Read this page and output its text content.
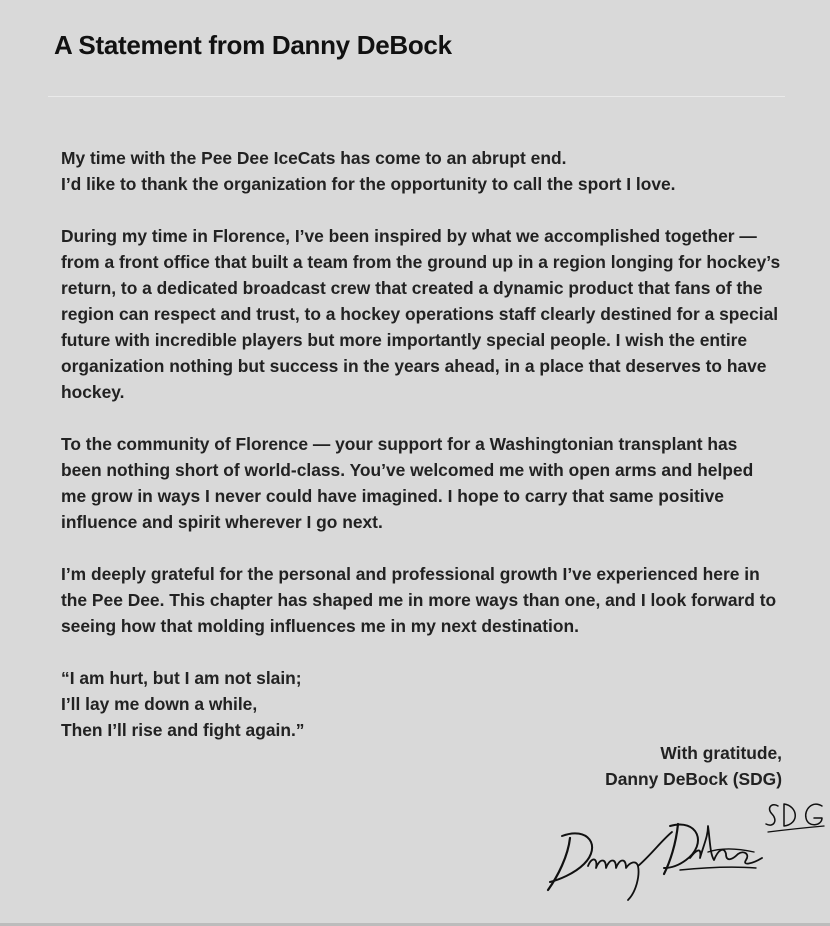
A Statement from Danny DeBock

My time with the Pee Dee IceCats has come to an abrupt end.
I’d like to thank the organization for the opportunity to call the sport I love.

During my time in Florence, I’ve been inspired by what we accomplished together — from a front office that built a team from the ground up in a region longing for hockey’s return, to a dedicated broadcast crew that created a dynamic product that fans of the region can respect and trust, to a hockey operations staff clearly destined for a special future with incredible players but more importantly special people. I wish the entire organization nothing but success in the years ahead, in a place that deserves to have hockey.

To the community of Florence — your support for a Washingtonian transplant has been nothing short of world-class. You’ve welcomed me with open arms and helped me grow in ways I never could have imagined. I hope to carry that same positive influence and spirit wherever I go next.

I’m deeply grateful for the personal and professional growth I’ve experienced here in the Pee Dee. This chapter has shaped me in more ways than one, and I look forward to seeing how that molding influences me in my next destination.

“I am hurt, but I am not slain;
I’ll lay me down a while,
Then I’ll rise and fight again.”

With gratitude,
Danny DeBock (SDG)
